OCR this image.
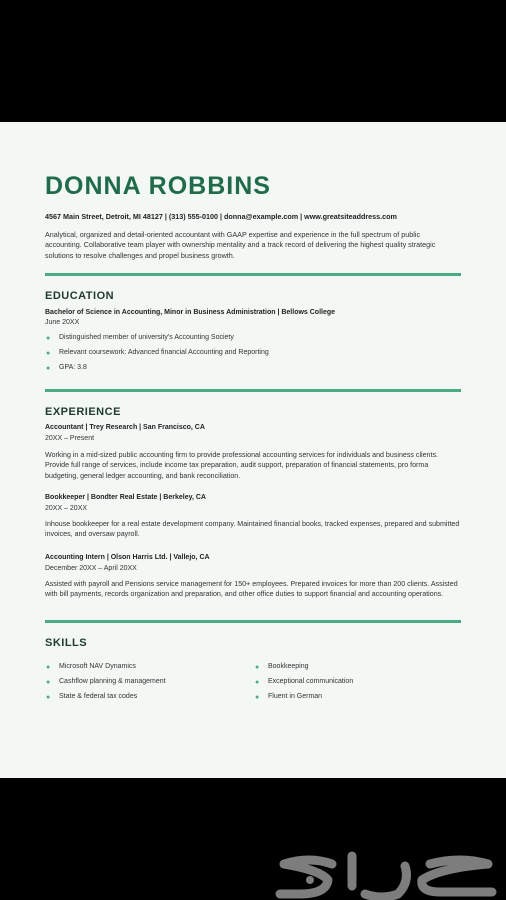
DONNA ROBBINS
4567 Main Street, Detroit, MI 48127 | (313) 555-0100 | donna@example.com | www.greatsiteaddress.com

Analytical, organized and detail-oriented accountant with GAAP expertise and experience in the full spectrum of public accounting. Collaborative team player with ownership mentality and a track record of delivering the highest quality strategic solutions to resolve challenges and propel business growth.

EDUCATION
Bachelor of Science in Accounting, Minor in Business Administration | Bellows College
June 20XX
● Distinguished member of university's Accounting Society
● Relevant coursework: Advanced financial Accounting and Reporting
● GPA: 3.8
EXPERIENCE
Accountant | Trey Research | San Francisco, CA
20XX – Present

Working in a mid-sized public accounting firm to provide professional accounting services for individuals and business clients. Provide full range of services, include income tax preparation, audit support, preparation of financial statements, pro forma budgeting, general ledger accounting, and bank reconciliation.

Bookkeeper | Bondter Real Estate | Berkeley, CA
20XX – 20XX

Inhouse bookkeeper for a real estate development company. Maintained financial books, tracked expenses, prepared and submitted invoices, and oversaw payroll.

Accounting Intern | Olson Harris Ltd. | Vallejo, CA
December 20XX – April 20XX

Assisted with payroll and Pensions service management for 150+ employees. Prepared invoices for more than 200 clients. Assisted with bill payments, records organization and preparation, and other office duties to support financial and accounting operations.

SKILLS
● Microsoft NAV Dynamics
● Cashflow planning & management
● State & federal tax codes
● Bookkeeping
● Exceptional communication
● Fluent in German
